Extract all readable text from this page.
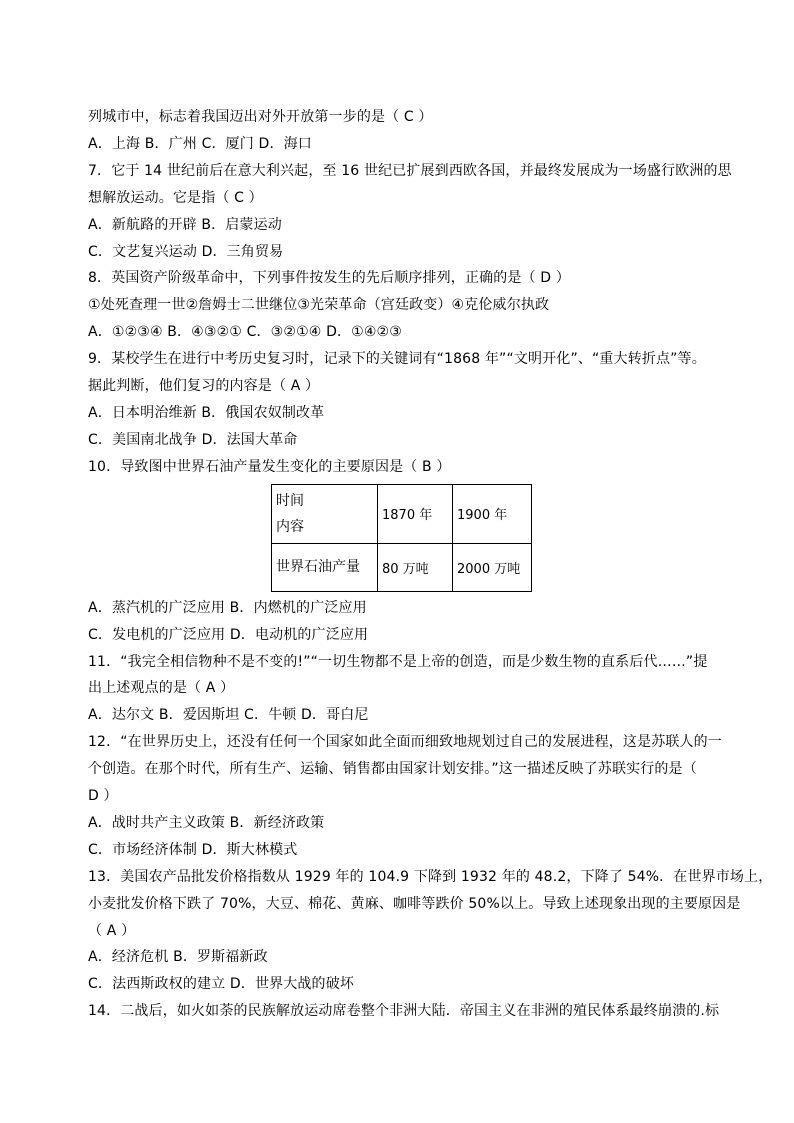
列城市中，标志着我国迈出对外开放第一步的是（ C ）
A．上海 B．广州 C．厦门 D．海口
7．它于 14 世纪前后在意大利兴起，至 16 世纪已扩展到西欧各国，并最终发展成为一场盛行欧洲的思
想解放运动。它是指（ C ）
A．新航路的开辟 B．启蒙运动
C．文艺复兴运动 D．三角贸易
8．英国资产阶级革命中，下列事件按发生的先后顺序排列，正确的是（ D ）
①处死查理一世②詹姆士二世继位③光荣革命（宫廷政变）④克伦威尔执政
A．①②③④ B．④③②① C．③②①④ D．①④②③
9．某校学生在进行中考历史复习时，记录下的关键词有“1868 年”“文明开化”、“重大转折点”等。
据此判断，他们复习的内容是（ A ）
A．日本明治维新 B．俄国农奴制改革
C．美国南北战争 D．法国大革命
10．导致图中世界石油产量发生变化的主要原因是（ B ）
时间
内容	1870 年	1900 年
世界石油产量	80 万吨	2000 万吨
A．蒸汽机的广泛应用 B．内燃机的广泛应用
C．发电机的广泛应用 D．电动机的广泛应用
11．“我完全相信物种不是不变的!”“一切生物都不是上帝的创造，而是少数生物的直系后代……”提
出上述观点的是（ A ）
A．达尔文 B．爱因斯坦 C．牛顿 D．哥白尼
12．“在世界历史上，还没有任何一个国家如此全面而细致地规划过自己的发展进程，这是苏联人的一
个创造。在那个时代，所有生产、运输、销售都由国家计划安排。”这一描述反映了苏联实行的是（
D ）
A．战时共产主义政策 B．新经济政策
C．市场经济体制 D．斯大林模式
13．美国农产品批发价格指数从 1929 年的 104.9 下降到 1932 年的 48.2，下降了 54%．在世界市场上，
小麦批发价格下跌了 70%，大豆、棉花、黄麻、咖啡等跌价 50%以上。导致上述现象出现的主要原因是
（ A ）
A．经济危机 B．罗斯福新政
C．法西斯政权的建立 D．世界大战的破坏
14．二战后，如火如荼的民族解放运动席卷整个非洲大陆．帝国主义在非洲的殖民体系最终崩溃的.标
